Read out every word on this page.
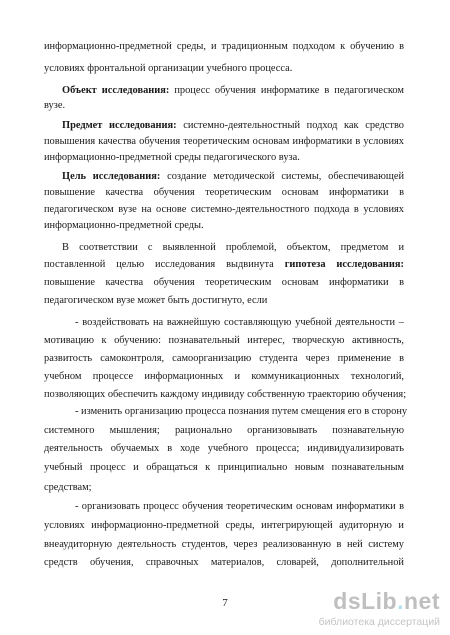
информационно-предметной среды, и традиционным подходом к обучению в
условиях фронтальной организации учебного процесса.
Объект исследования: процесс обучения информатике в педагогическом
вузе.
Предмет исследования: системно-деятельностный подход как средство
повышения качества обучения теоретическим основам информатики в условиях
информационно-предметной среды педагогического вуза.
Цель исследования: создание методической системы, обеспечивающей
повышение качества обучения теоретическим основам информатики в
педагогическом вузе на основе системно-деятельностного подхода в условиях
информационно-предметной среды.
В соответствии с выявленной проблемой, объектом, предметом и
поставленной целью исследования выдвинута гипотеза исследования:
повышение качества обучения теоретическим основам информатики в
педагогическом вузе может быть достигнуто, если
- воздействовать на важнейшую составляющую учебной деятельности –
мотивацию к обучению: познавательный интерес, творческую активность,
развитость самоконтроля, самоорганизацию студента через применение в
учебном процессе информационных и коммуникационных технологий,
позволяющих обеспечить каждому индивиду собственную траекторию обучения;
- изменить организацию процесса познания путем смещения его в сторону
системного мышления; рационально организовывать познавательную
деятельность обучаемых в ходе учебного процесса; индивидуализировать
учебный процесс и обращаться к принципиально новым познавательным
средствам;
- организовать процесс обучения теоретическим основам информатики в
условиях информационно-предметной среды, интегрирующей аудиторную и
внеаудиторную деятельность студентов, через реализованную в ней систему
средств обучения, справочных материалов, словарей, дополнительной
7	dsLib.net
библиотека диссертаций
